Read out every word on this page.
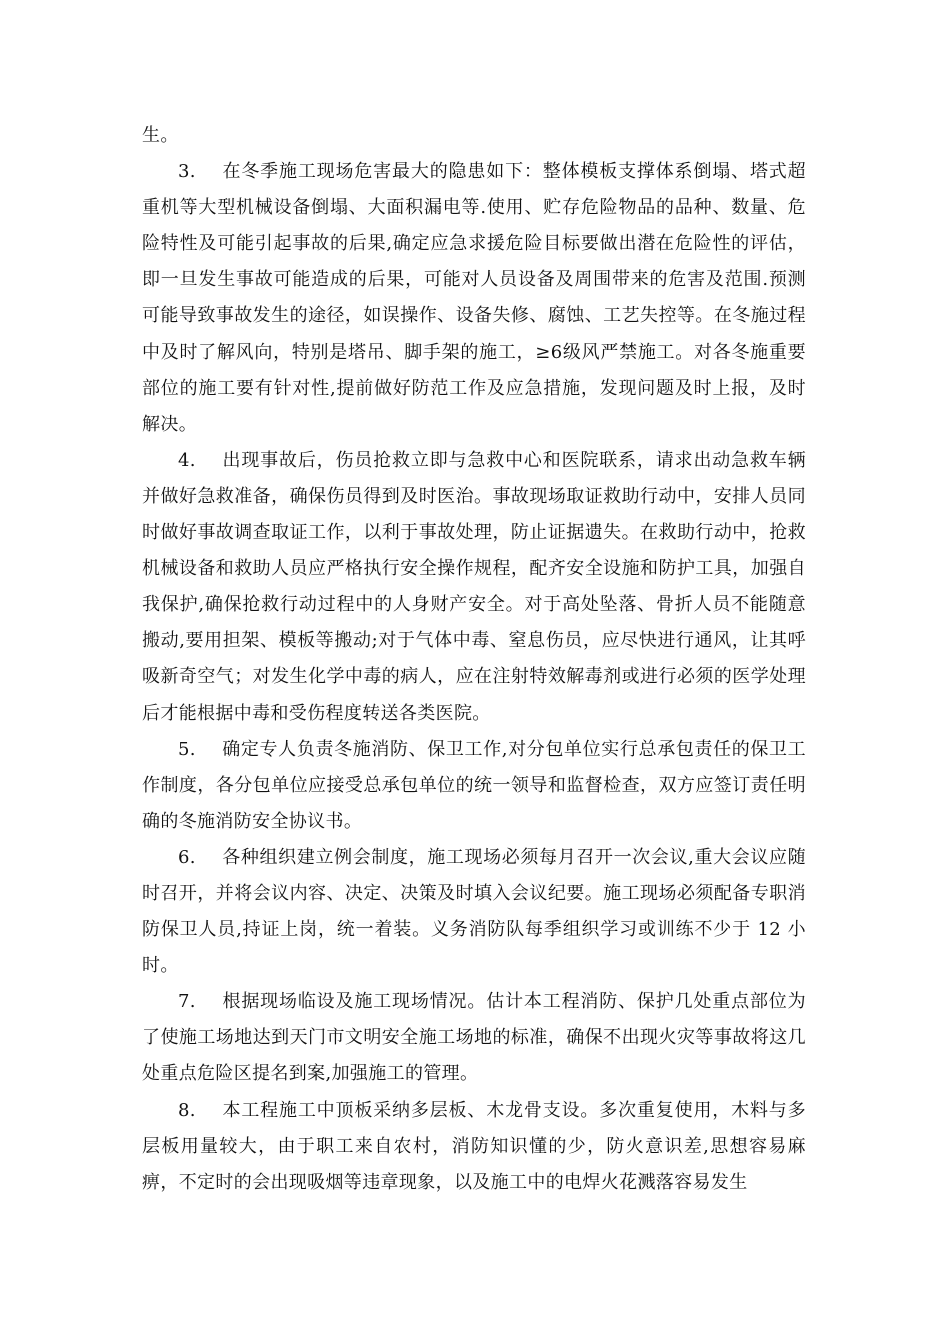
生。

3. 在冬季施工现场危害最大的隐患如下：整体模板支撑体系倒塌、塔式超重机等大型机械设备倒塌、大面积漏电等.使用、贮存危险物品的品种、数量、危险特性及可能引起事故的后果,确定应急求援危险目标要做出潜在危险性的评估，即一旦发生事故可能造成的后果，可能对人员设备及周围带来的危害及范围.预测可能导致事故发生的途径，如误操作、设备失修、腐蚀、工艺失控等。在冬施过程中及时了解风向，特别是塔吊、脚手架的施工，≥6级风严禁施工。对各冬施重要部位的施工要有针对性,提前做好防范工作及应急措施，发现问题及时上报，及时解决。

4. 出现事故后，伤员抢救立即与急救中心和医院联系，请求出动急救车辆并做好急救准备，确保伤员得到及时医治。事故现场取证救助行动中，安排人员同时做好事故调查取证工作，以利于事故处理，防止证据遗失。在救助行动中，抢救机械设备和救助人员应严格执行安全操作规程，配齐安全设施和防护工具，加强自我保护,确保抢救行动过程中的人身财产安全。对于高处坠落、骨折人员不能随意搬动,要用担架、模板等搬动;对于气体中毒、窒息伤员，应尽快进行通风，让其呼吸新奇空气；对发生化学中毒的病人，应在注射特效解毒剂或进行必须的医学处理后才能根据中毒和受伤程度转送各类医院。

5. 确定专人负责冬施消防、保卫工作,对分包单位实行总承包责任的保卫工作制度，各分包单位应接受总承包单位的统一领导和监督检查，双方应签订责任明确的冬施消防安全协议书。

6. 各种组织建立例会制度，施工现场必须每月召开一次会议,重大会议应随时召开，并将会议内容、决定、决策及时填入会议纪要。施工现场必须配备专职消防保卫人员,持证上岗，统一着装。义务消防队每季组织学习或训练不少于 12 小时。

7. 根据现场临设及施工现场情况。估计本工程消防、保护几处重点部位为了使施工场地达到天门市文明安全施工场地的标准，确保不出现火灾等事故将这几处重点危险区提名到案,加强施工的管理。

8. 本工程施工中顶板采纳多层板、木龙骨支设。多次重复使用，木料与多层板用量较大，由于职工来自农村，消防知识懂的少，防火意识差,思想容易麻痹，不定时的会出现吸烟等违章现象，以及施工中的电焊火花溅落容易发生
